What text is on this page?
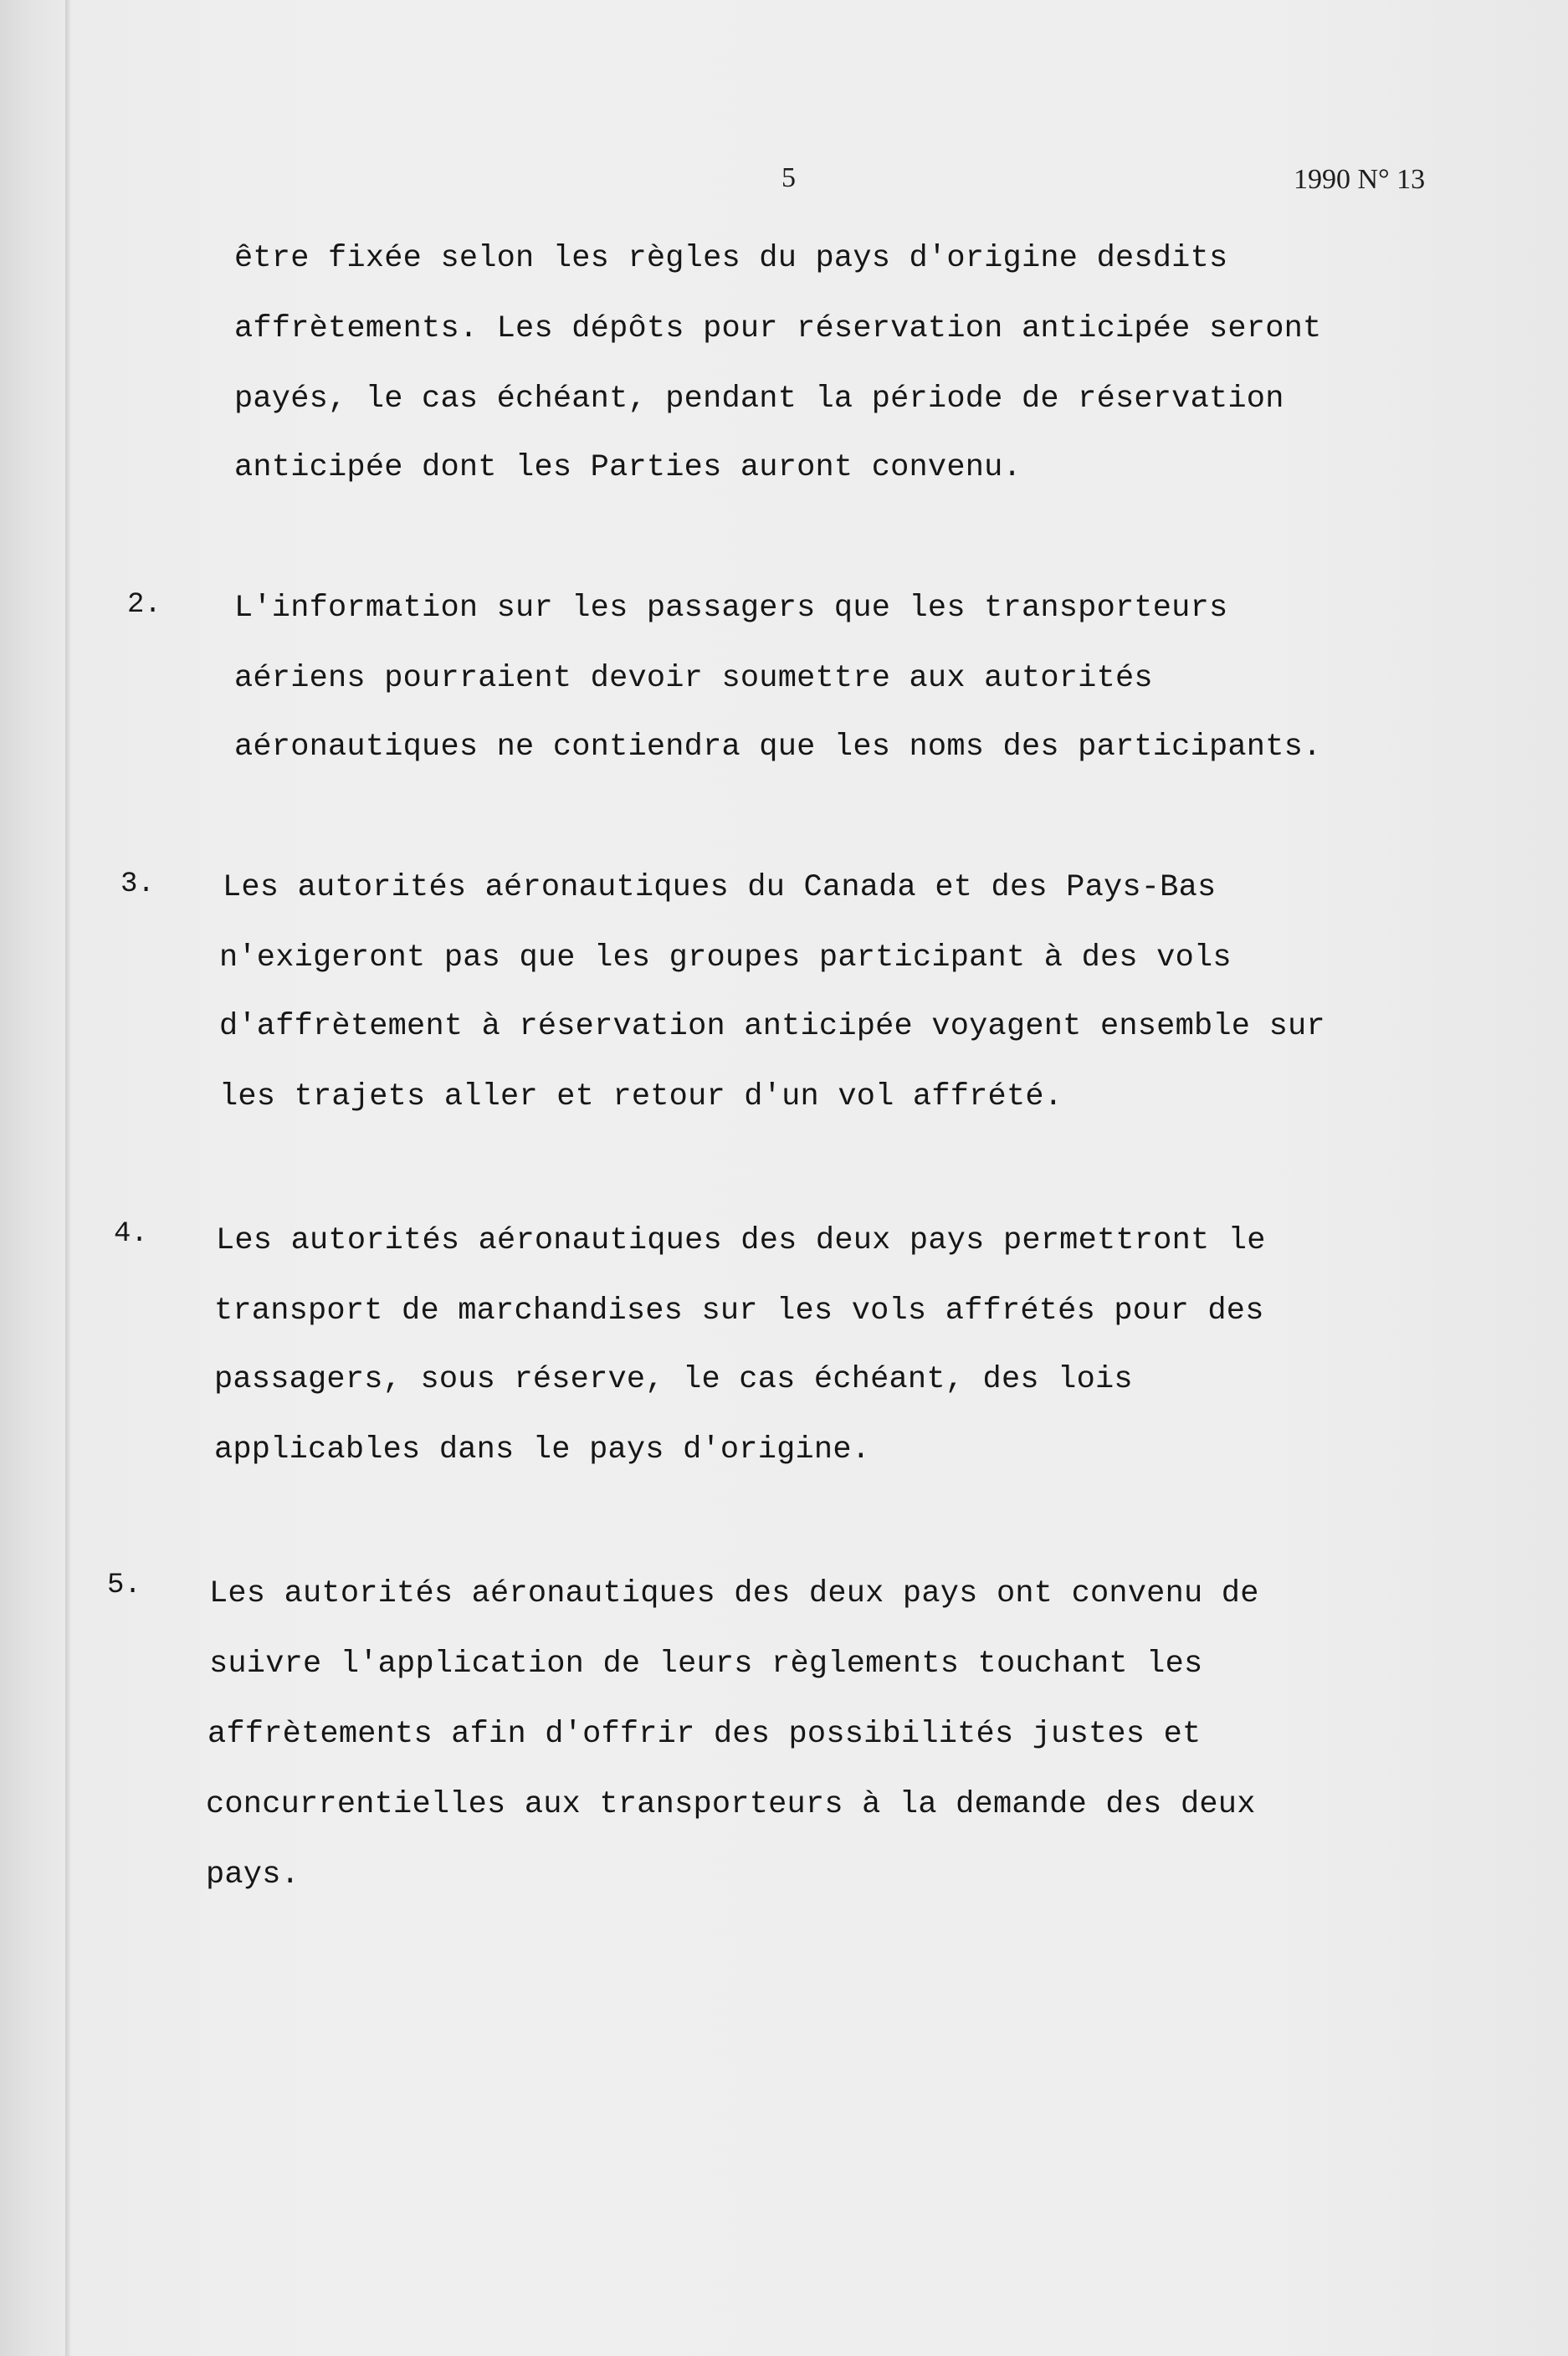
5	1990 N° 13
être fixée selon les règles du pays d'origine desdits
affrètements. Les dépôts pour réservation anticipée seront
payés, le cas échéant, pendant la période de réservation
anticipée dont les Parties auront convenu.
2. L'information sur les passagers que les transporteurs
aériens pourraient devoir soumettre aux autorités
aéronautiques ne contiendra que les noms des participants.
3. Les autorités aéronautiques du Canada et des Pays-Bas
n'exigeront pas que les groupes participant à des vols
d'affrètement à réservation anticipée voyagent ensemble sur
les trajets aller et retour d'un vol affrété.
4. Les autorités aéronautiques des deux pays permettront le
transport de marchandises sur les vols affrétés pour des
passagers, sous réserve, le cas échéant, des lois
applicables dans le pays d'origine.
5. Les autorités aéronautiques des deux pays ont convenu de
suivre l'application de leurs règlements touchant les
affrètements afin d'offrir des possibilités justes et
concurrentielles aux transporteurs à la demande des deux
pays.
